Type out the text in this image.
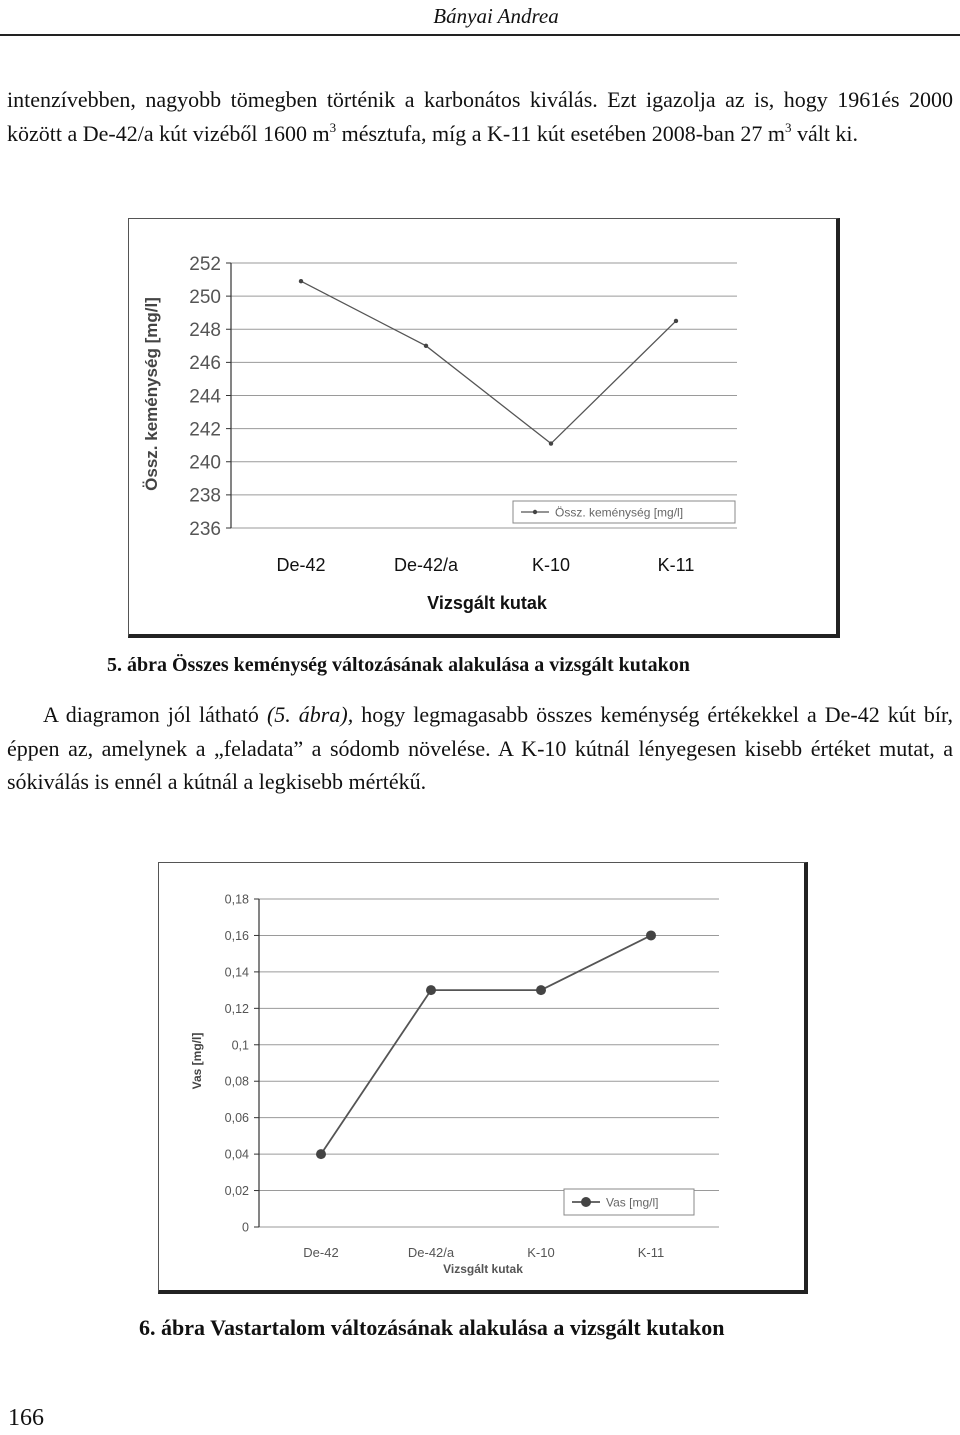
Bányai Andrea

intenzívebben, nagyobb tömegben történik a karbonátos kiválás. Ezt igazolja az is, hogy 1961és 2000 között a De-42/a kút vizéből 1600 $m^3$ mésztufa, míg a K-11 kút esetében 2008-ban 27 $m^3$ vált ki.

236
238
240
242
244
246
248
250
252
De-42	De-42/a	K-10	K-11
Vizsgált kutak
Össz. keménység [mg/l]
Össz. keménység [mg/l]

5. ábra Összes keménység változásának alakulása a vizsgált kutakon

A diagramon jól látható (5. ábra), hogy legmagasabb összes keménység értékekkel a De-42 kút bír, éppen az, amelynek a „feladata” a sódomb növelése. A K-10 kútnál lényegesen kisebb értéket mutat, a sókiválás is ennél a kútnál a legkisebb mértékű.

0
0,02
0,04
0,06
0,08
0,1
0,12
0,14
0,16
0,18
De-42	De-42/a	K-10	K-11
Vizsgált kutak
Vas [mg/l]
Vas [mg/l]

6. ábra Vastartalom változásának alakulása a vizsgált kutakon

166
